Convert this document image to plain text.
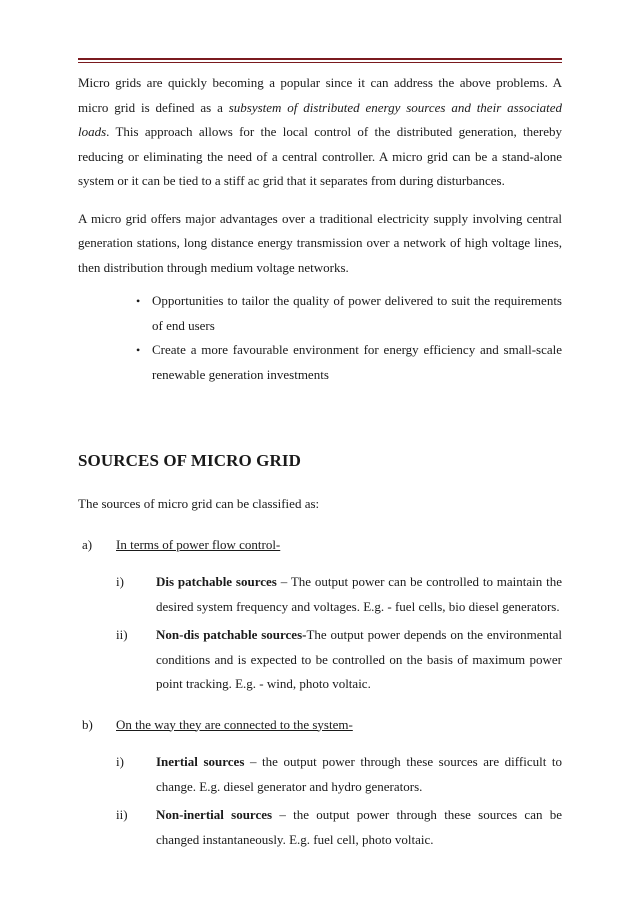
Micro grids are quickly becoming a popular since it can address the above problems. A micro grid is defined as a subsystem of distributed energy sources and their associated loads. This approach allows for the local control of the distributed generation, thereby reducing or eliminating the need of a central controller. A micro grid can be a stand-alone system or it can be tied to a stiff ac grid that it separates from during disturbances.

A micro grid offers major advantages over a traditional electricity supply involving central generation stations, long distance energy transmission over a network of high voltage lines, then distribution through medium voltage networks.

• Opportunities to tailor the quality of power delivered to suit the requirements of end users
• Create a more favourable environment for energy efficiency and small-scale renewable generation investments
SOURCES OF MICRO GRID

The sources of micro grid can be classified as:

a)	In terms of power flow control-
i)	Dis patchable sources – The output power can be controlled to maintain the desired system frequency and voltages. E.g. - fuel cells, bio diesel generators.
ii)	Non-dis patchable sources-The output power depends on the environmental conditions and is expected to be controlled on the basis of maximum power point tracking. E.g. - wind, photo voltaic.
b)	On the way they are connected to the system-
i)	Inertial sources – the output power through these sources are difficult to change. E.g. diesel generator and hydro generators.
ii)	Non-inertial sources – the output power through these sources can be changed instantaneously. E.g. fuel cell, photo voltaic.
